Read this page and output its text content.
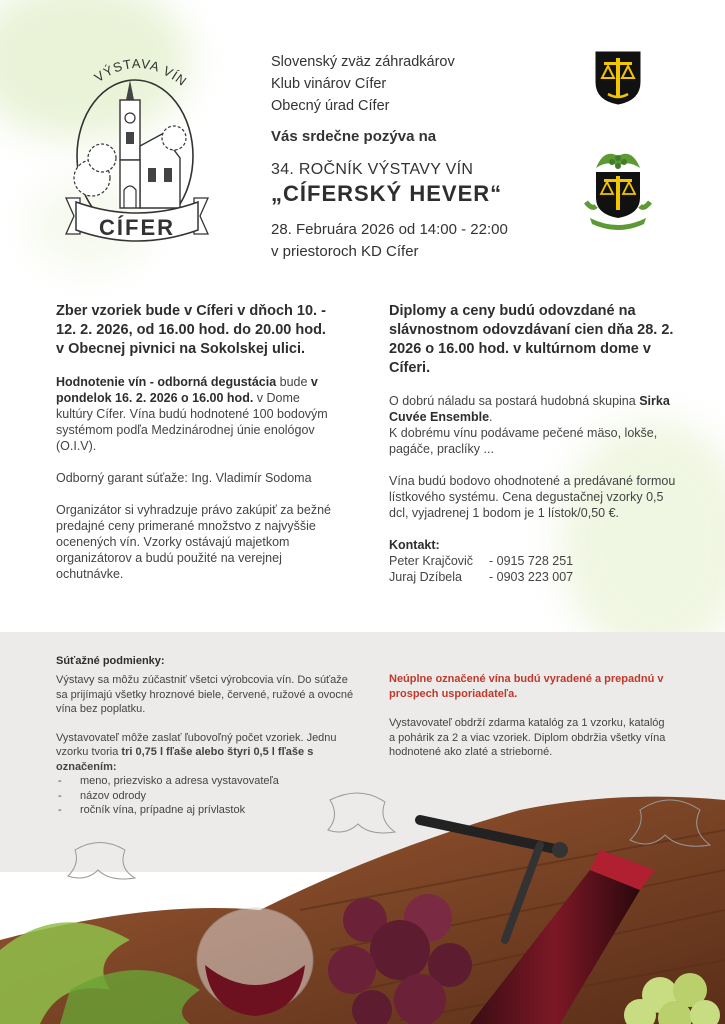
VÝSTAVA VÍN
CÍFER
Slovenský zväz záhradkárov
Klub vinárov Cífer
Obecný úrad Cífer
Vás srdečne pozýva na
34. ROČNÍK VÝSTAVY VÍN
„CÍFERSKÝ HEVER“
28. Februára 2026 od 14:00 - 22:00
v priestoroch KD Cífer
Zber vzoriek bude v Cíferi v dňoch 10. - 12. 2. 2026, od 16.00 hod. do 20.00 hod. v Obecnej pivnici na Sokolskej ulici.
Hodnotenie vín - odborná degustácia bude v pondelok 16. 2. 2026 o 16.00 hod. v Dome kultúry Cífer. Vína budú hodnotené 100 bodovým systémom podľa Medzinárodnej únie enológov (O.I.V).
Odborný garant súťaže: Ing. Vladimír Sodoma
Organizátor si vyhradzuje právo zakúpiť za bežné predajné ceny primerané množstvo z najvyššie ocenených vín. Vzorky ostávajú majetkom organizátorov a budú použité na verejnej ochutnávke.
Diplomy a ceny budú odovzdané na slávnostnom odovzdávaní cien dňa 28. 2. 2026 o 16.00 hod. v kultúrnom dome v Cíferi.
O dobrú náladu sa postará hudobná skupina Sirka Cuvée Ensemble.
K dobrému vínu podávame pečené mäso, lokše, pagáče, praclíky ...
Vína budú bodovo ohodnotené a predávané formou lístkového systému. Cena degustačnej vzorky 0,5 dcl, vyjadrenej 1 bodom je 1 lístok/0,50 €.
Kontakt:
Peter Krajčovič	- 0915 728 251
Juraj Dzíbela	- 0903 223 007
Súťažné podmienky:
Výstavy sa môžu zúčastniť všetci výrobcovia vín. Do súťaže sa prijímajú všetky hroznové biele, červené, ružové a ovocné vína bez poplatku.
Vystavovateľ môže zaslať ľubovoľný počet vzoriek. Jednu vzorku tvoria tri 0,75 l fľaše alebo štyri 0,5 l fľaše s označením:
- meno, priezvisko a adresa vystavovateľa
- názov odrody
- ročník vína, prípadne aj prívlastok
Neúplne označené vína budú vyradené a prepadnú v prospech usporiadateľa.
Vystavovateľ obdrží zdarma katalóg za 1 vzorku, katalóg a pohárik za 2 a viac vzoriek. Diplom obdržia všetky vína hodnotené ako zlaté a strieborné.
